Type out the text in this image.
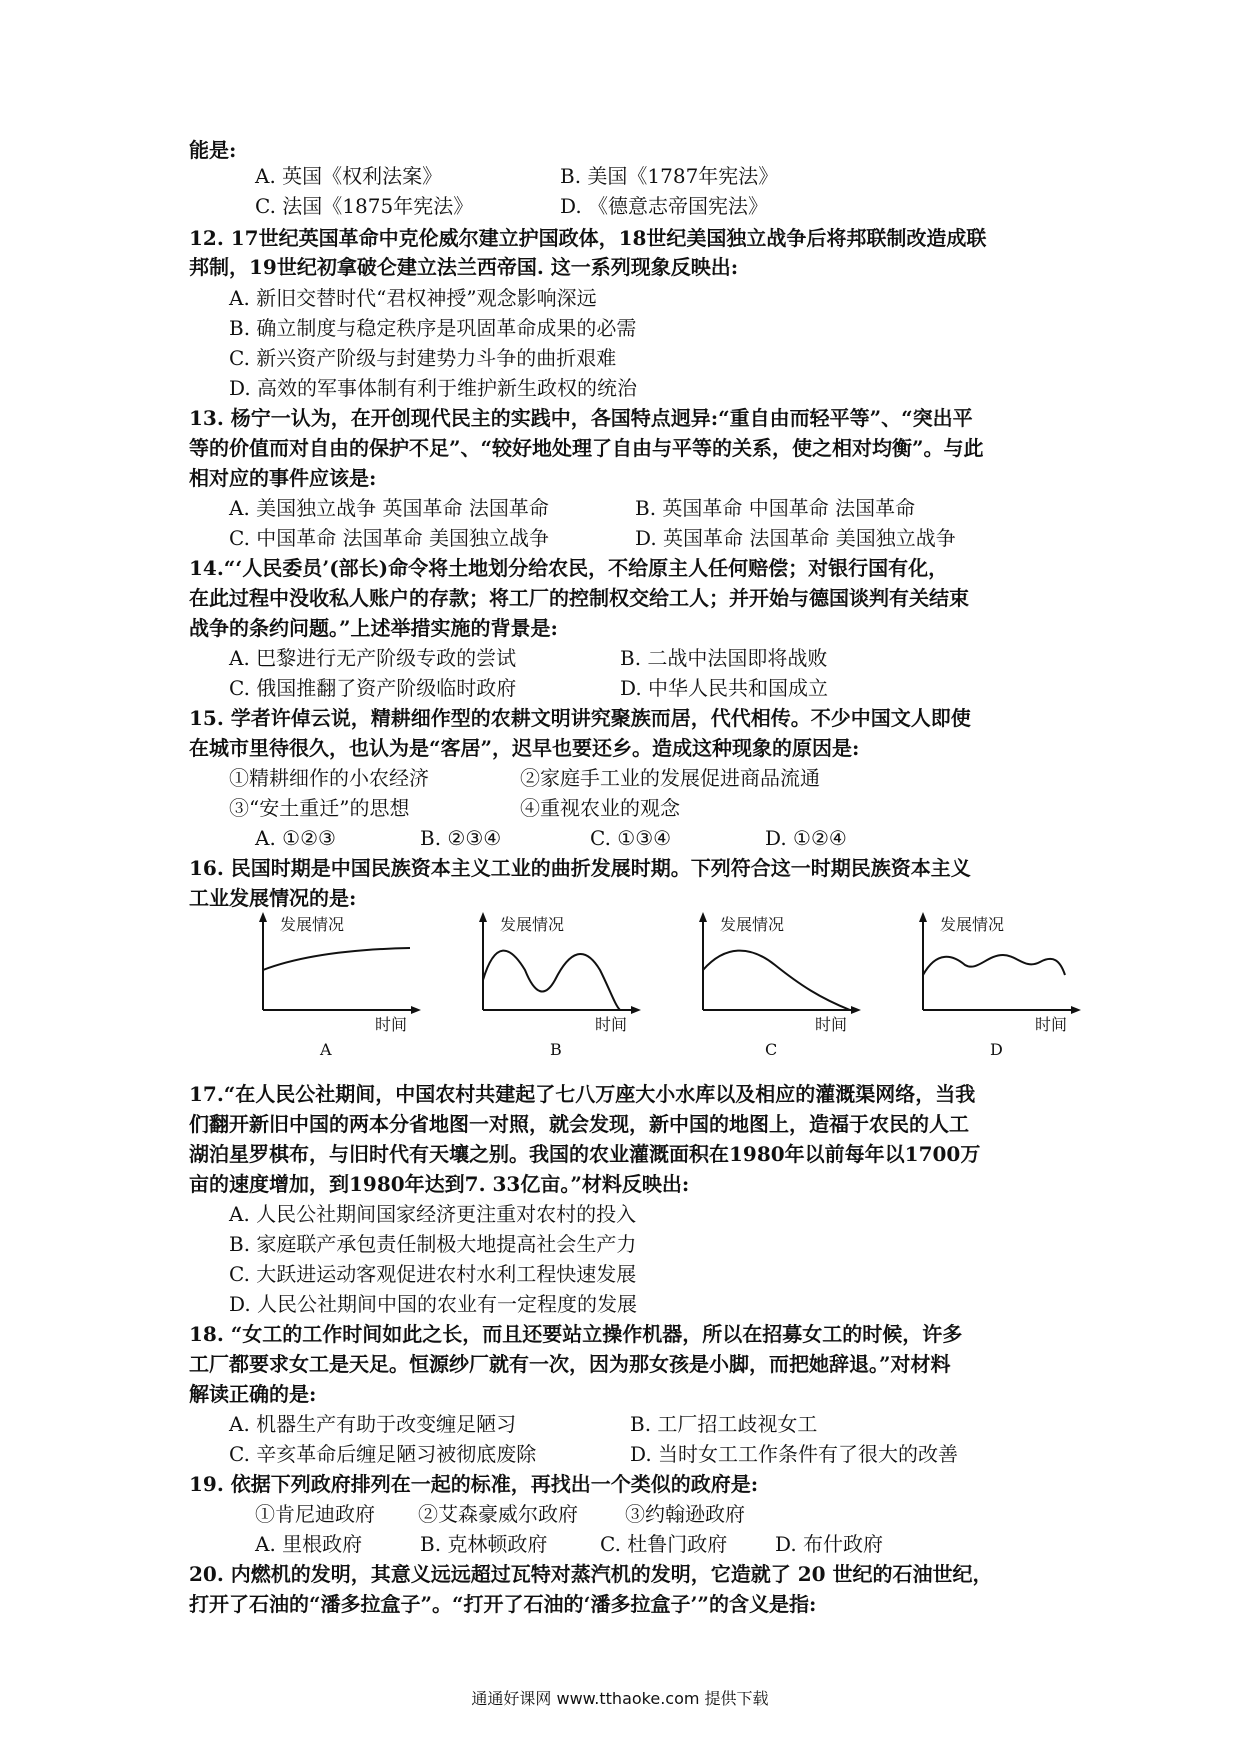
能是:
A. 英国《权利法案》	B. 美国《1787年宪法》
C. 法国《1875年宪法》	D. 《德意志帝国宪法》
12. 17世纪英国革命中克伦威尔建立护国政体，18世纪美国独立战争后将邦联制改造成联
邦制，19世纪初拿破仑建立法兰西帝国. 这一系列现象反映出:
A. 新旧交替时代“君权神授”观念影响深远
B. 确立制度与稳定秩序是巩固革命成果的必需
C. 新兴资产阶级与封建势力斗争的曲折艰难
D. 高效的军事体制有利于维护新生政权的统治
13. 杨宁一认为，在开创现代民主的实践中，各国特点迥异:“重自由而轻平等”、“突出平
等的价值而对自由的保护不足”、“较好地处理了自由与平等的关系，使之相对均衡”。与此
相对应的事件应该是:
A. 美国独立战争 英国革命 法国革命	B. 英国革命 中国革命 法国革命
C. 中国革命 法国革命 美国独立战争	D. 英国革命 法国革命 美国独立战争
14.“‘人民委员’(部长)命令将土地划分给农民，不给原主人任何赔偿；对银行国有化，
在此过程中没收私人账户的存款；将工厂的控制权交给工人；并开始与德国谈判有关结束
战争的条约问题。”上述举措实施的背景是:
A. 巴黎进行无产阶级专政的尝试	B. 二战中法国即将战败
C. 俄国推翻了资产阶级临时政府	D. 中华人民共和国成立
15. 学者许倬云说，精耕细作型的农耕文明讲究聚族而居，代代相传。不少中国文人即使
在城市里待很久，也认为是“客居”，迟早也要还乡。造成这种现象的原因是:
①精耕细作的小农经济	②家庭手工业的发展促进商品流通
③“安土重迁”的思想	④重视农业的观念
A. ①②③	B. ②③④	C. ①③④	D. ①②④
16. 民国时期是中国民族资本主义工业的曲折发展时期。下列符合这一时期民族资本主义
工业发展情况的是:
发展情况
时间
A
发展情况
时间
B
发展情况
时间
C
发展情况
时间
D
17.“在人民公社期间，中国农村共建起了七八万座大小水库以及相应的灌溉渠网络，当我
们翻开新旧中国的两本分省地图一对照，就会发现，新中国的地图上，造福于农民的人工
湖泊星罗棋布，与旧时代有天壤之别。我国的农业灌溉面积在1980年以前每年以1700万
亩的速度增加，到1980年达到7. 33亿亩。”材料反映出:
A. 人民公社期间国家经济更注重对农村的投入
B. 家庭联产承包责任制极大地提高社会生产力
C. 大跃进运动客观促进农村水利工程快速发展
D. 人民公社期间中国的农业有一定程度的发展
18. “女工的工作时间如此之长，而且还要站立操作机器，所以在招募女工的时候，许多
工厂都要求女工是天足。恒源纱厂就有一次，因为那女孩是小脚，而把她辞退。”对材料
解读正确的是:
A. 机器生产有助于改变缠足陋习	B. 工厂招工歧视女工
C. 辛亥革命后缠足陋习被彻底废除	D. 当时女工工作条件有了很大的改善
19. 依据下列政府排列在一起的标准，再找出一个类似的政府是:
①肯尼迪政府 ②艾森豪威尔政府 ③约翰逊政府
A. 里根政府	B. 克林顿政府	C. 杜鲁门政府 D. 布什政府
20. 内燃机的发明，其意义远远超过瓦特对蒸汽机的发明，它造就了 20 世纪的石油世纪，
打开了石油的“潘多拉盒子”。“打开了石油的‘潘多拉盒子’”的含义是指:
通通好课网 www.tthaoke.com 提供下载
